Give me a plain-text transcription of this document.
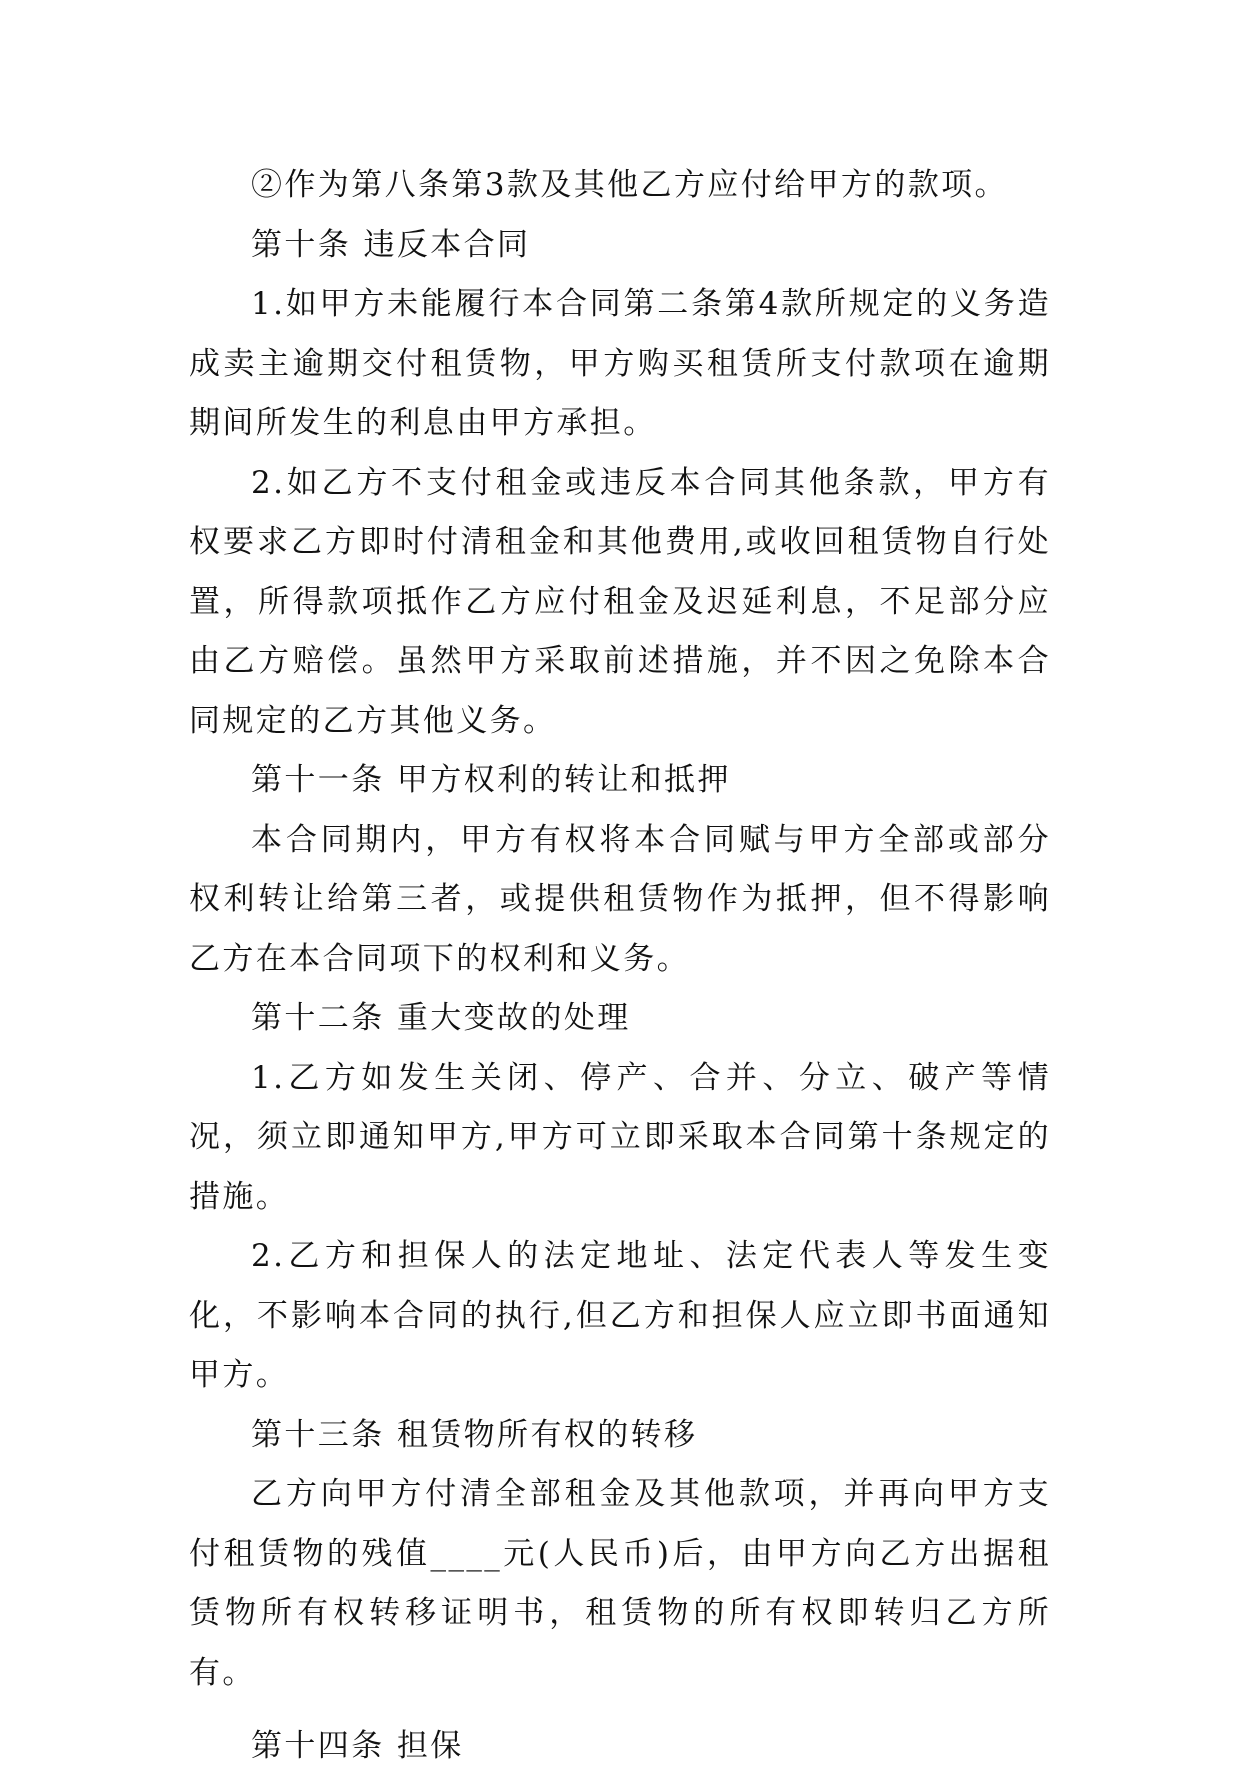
②作为第八条第3款及其他乙方应付给甲方的款项。

第十条 违反本合同

1.如甲方未能履行本合同第二条第4款所规定的义务造成卖主逾期交付租赁物，甲方购买租赁所支付款项在逾期期间所发生的利息由甲方承担。

2.如乙方不支付租金或违反本合同其他条款，甲方有权要求乙方即时付清租金和其他费用,或收回租赁物自行处置，所得款项抵作乙方应付租金及迟延利息，不足部分应由乙方赔偿。虽然甲方采取前述措施，并不因之免除本合同规定的乙方其他义务。

第十一条 甲方权利的转让和抵押

本合同期内，甲方有权将本合同赋与甲方全部或部分权利转让给第三者，或提供租赁物作为抵押，但不得影响乙方在本合同项下的权利和义务。

第十二条 重大变故的处理

1.乙方如发生关闭、停产、合并、分立、破产等情况，须立即通知甲方,甲方可立即采取本合同第十条规定的措施。

2.乙方和担保人的法定地址、法定代表人等发生变化，不影响本合同的执行,但乙方和担保人应立即书面通知甲方。

第十三条 租赁物所有权的转移

乙方向甲方付清全部租金及其他款项，并再向甲方支付租赁物的残值____元(人民币)后，由甲方向乙方出据租赁物所有权转移证明书，租赁物的所有权即转归乙方所有。

第十四条 担保
